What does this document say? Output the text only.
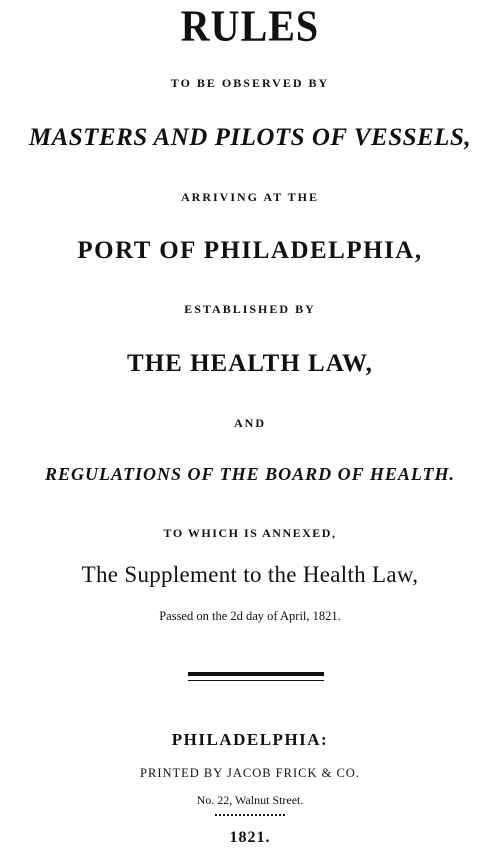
RULES
TO BE OBSERVED BY
MASTERS AND PILOTS OF VESSELS,
ARRIVING AT THE
PORT OF PHILADELPHIA,
ESTABLISHED BY
THE HEALTH LAW,
AND
REGULATIONS OF THE BOARD OF HEALTH.
TO WHICH IS ANNEXED,
The Supplement to the Health Law,
Passed on the 2d day of April, 1821.
PHILADELPHIA:
PRINTED BY JACOB FRICK & CO.
No. 22, Walnut Street.
1821.
